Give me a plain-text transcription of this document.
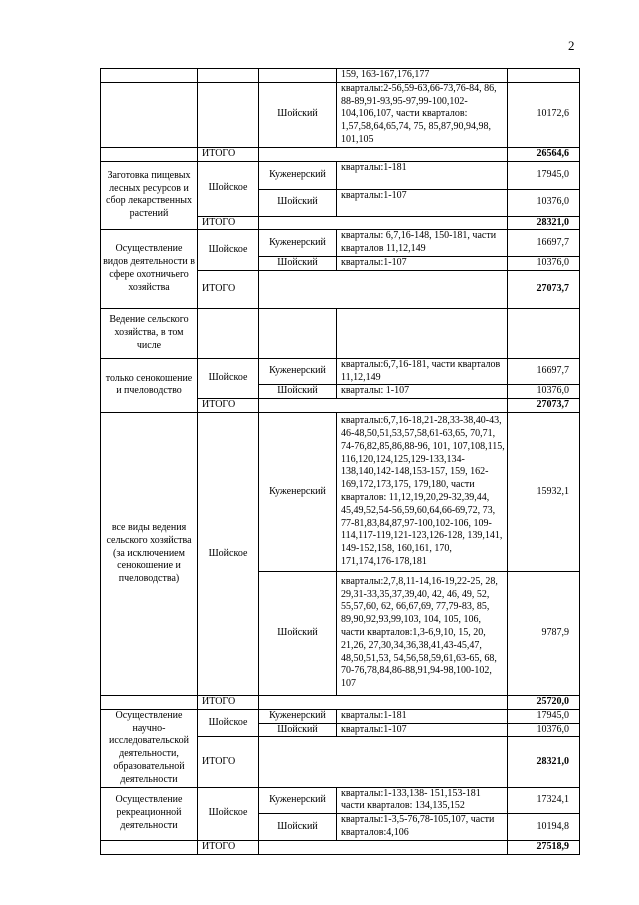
2
			159, 163-167,176,177	
		Шойский	кварталы:2-56,59-63,66-73,76-84, 86, 88-89,91-93,95-97,99-100,102-104,106,107, части кварталов: 1,57,58,64,65,74, 75, 85,87,90,94,98, 101,105	10172,6
	ИТОГО			26564,6
Заготовка пищевых лесных ресурсов и сбор лекарственных растений	Шойское	Куженерский	кварталы:1-181	17945,0
		Шойский	кварталы:1-107	10376,0
	ИТОГО			28321,0
Осуществление видов деятельности в сфере охотничьего хозяйства	Шойское	Куженерский	кварталы: 6,7,16-148, 150-181, части кварталов 11,12,149	16697,7
		Шойский	кварталы:1-107	10376,0
	ИТОГО			27073,7
Ведение сельского хозяйства, в том числе				
только сенокошение и пчеловодство	Шойское	Куженерский	кварталы:6,7,16-181, части кварталов 11,12,149	16697,7
		Шойский	кварталы: 1-107	10376,0
	ИТОГО			27073,7
все виды ведения сельского хозяйства (за исключением сенокошение и пчеловодства)	Шойское	Куженерский	кварталы:6,7,16-18,21-28,33-38,40-43, 46-48,50,51,53,57,58,61-63,65, 70,71, 74-76,82,85,86,88-96, 101, 107,108,115, 116,120,124,125,129-133,134- 138,140,142-148,153-157, 159, 162-169,172,173,175, 179,180, части кварталов: 11,12,19,20,29-32,39,44, 45,49,52,54-56,59,60,64,66-69,72, 73, 77-81,83,84,87,97-100,102-106, 109-114,117-119,121-123,126-128, 139,141, 149-152,158, 160,161, 170, 171,174,176-178,181	15932,1
		Шойский	кварталы:2,7,8,11-14,16-19,22-25, 28, 29,31-33,35,37,39,40, 42, 46, 49, 52, 55,57,60, 62, 66,67,69, 77,79-83, 85, 89,90,92,93,99,103, 104, 105, 106, части кварталов:1,3-6,9,10, 15, 20, 21,26, 27,30,34,36,38,41,43-45,47, 48,50,51,53, 54,56,58,59,61,63-65, 68, 70-76,78,84,86-88,91,94-98,100-102, 107	9787,9
	ИТОГО			25720,0
Осуществление научно-исследовательской деятельности, образовательной деятельности	Шойское	Куженерский	кварталы:1-181	17945,0
		Шойский	кварталы:1-107	10376,0
	ИТОГО			28321,0
Осуществление рекреационной деятельности	Шойское	Куженерский	кварталы:1-133,138- 151,153-181 части кварталов: 134,135,152	17324,1
		Шойский	кварталы:1-3,5-76,78-105,107, части кварталов:4,106	10194,8
	ИТОГО			27518,9
